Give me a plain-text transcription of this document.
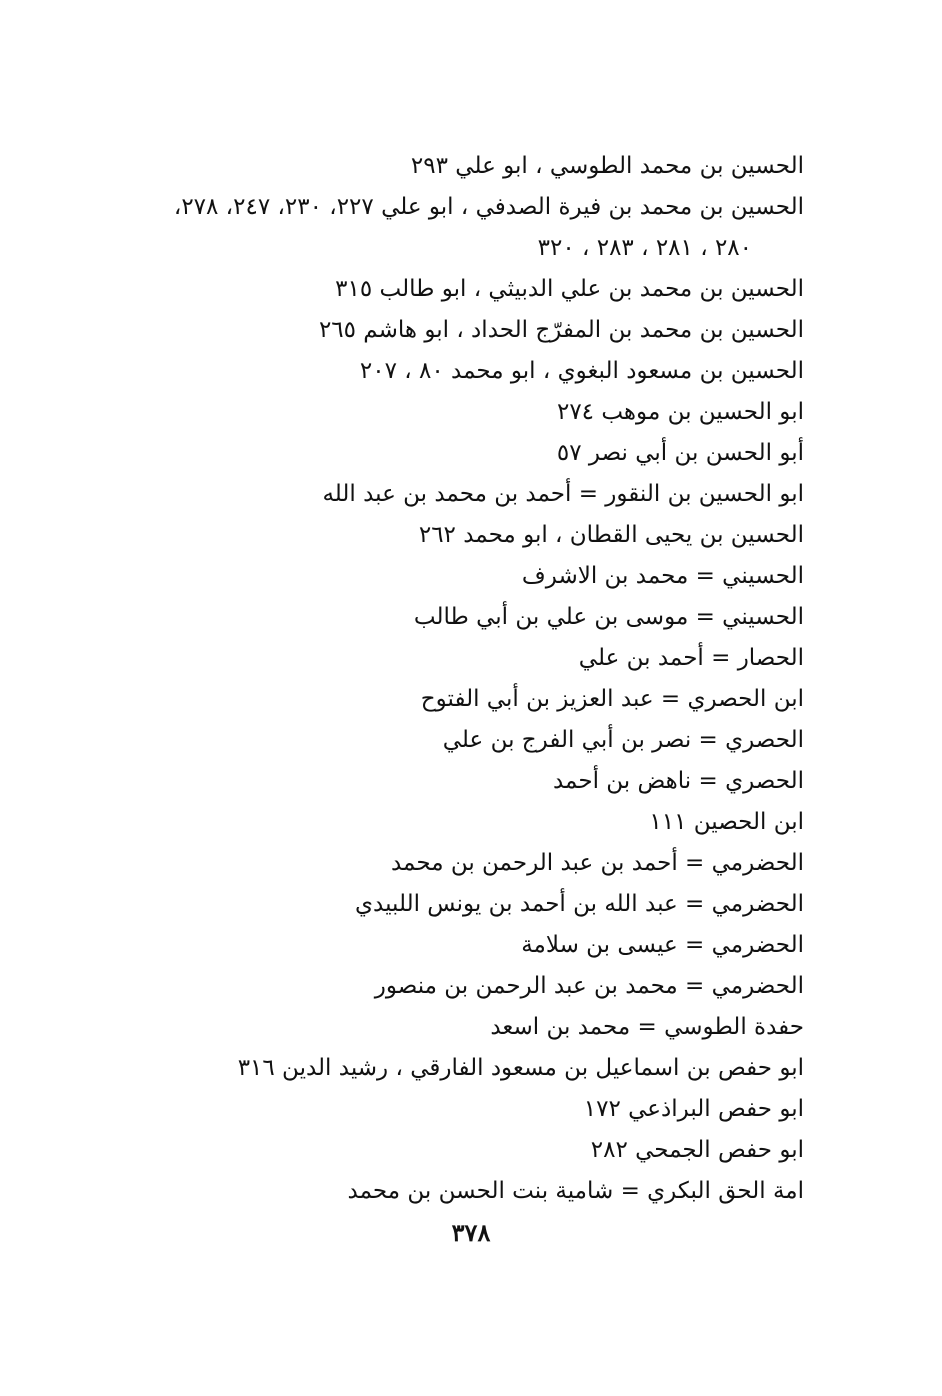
الحسين بن محمد الطوسي ، ابو علي ٢٩٣
الحسين بن محمد بن فيرة الصدفي ، ابو علي ٢٢٧، ٢٣٠، ٢٤٧، ٢٧٨،
٢٨٠ ، ٢٨١ ، ٢٨٣ ، ٣٢٠
الحسين بن محمد بن علي الدبيثي ، ابو طالب ٣١٥
الحسين بن محمد بن المفرّج الحداد ، ابو هاشم ٢٦٥
الحسين بن مسعود البغوي ، ابو محمد ٨٠ ، ٢٠٧
ابو الحسين بن موهب ٢٧٤
أبو الحسن بن أبي نصر ٥٧
ابو الحسين بن النقور = أحمد بن محمد بن عبد الله
الحسين بن يحيى القطان ، ابو محمد ٢٦٢
الحسيني = محمد بن الاشرف
الحسيني = موسى بن علي بن أبي طالب
الحصار = أحمد بن علي
ابن الحصري = عبد العزيز بن أبي الفتوح
الحصري = نصر بن أبي الفرج بن علي
الحصري = ناهض بن أحمد
ابن الحصين ١١١
الحضرمي = أحمد بن عبد الرحمن بن محمد
الحضرمي = عبد الله بن أحمد بن يونس اللبيدي
الحضرمي = عيسى بن سلامة
الحضرمي = محمد بن عبد الرحمن بن منصور
حفدة الطوسي = محمد بن اسعد
ابو حفص بن اسماعيل بن مسعود الفارقي ، رشيد الدين ٣١٦
ابو حفص البراذعي ١٧٢
ابو حفص الجمحي ٢٨٢
امة الحق البكري = شامية بنت الحسن بن محمد
٣٧٨
